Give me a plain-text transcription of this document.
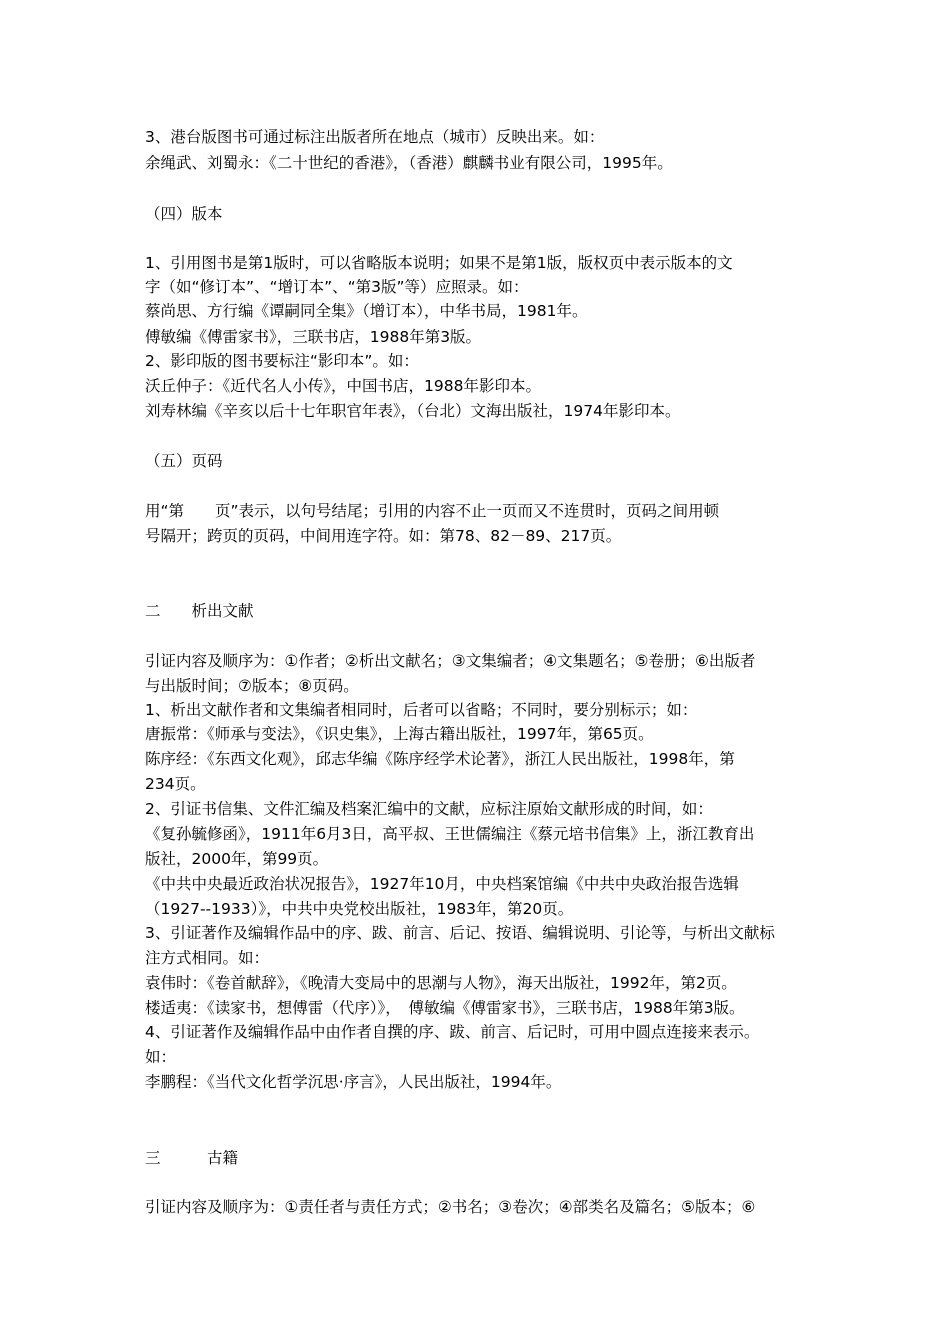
3、港台版图书可通过标注出版者所在地点（城市）反映出来。如：
余绳武、刘蜀永：《二十世纪的香港》，（香港）麒麟书业有限公司，1995年。
（四）版本
1、引用图书是第1版时，可以省略版本说明；如果不是第1版，版权页中表示版本的文
字（如“修订本”、“增订本”、“第3版”等）应照录。如：
蔡尚思、方行编《谭嗣同全集》（增订本），中华书局，1981年。
傅敏编《傅雷家书》，三联书店，1988年第3版。
2、影印版的图书要标注“影印本”。如：
沃丘仲子：《近代名人小传》，中国书店，1988年影印本。
刘寿林编《辛亥以后十七年职官年表》，（台北）文海出版社，1974年影印本。
（五）页码
用“第　　页”表示，以句号结尾；引用的内容不止一页而又不连贯时，页码之间用顿
号隔开；跨页的页码，中间用连字符。如：第78、82－89、217页。
二　　析出文献
引证内容及顺序为：①作者；②析出文献名；③文集编者；④文集题名；⑤卷册；⑥出版者
与出版时间；⑦版本；⑧页码。
1、析出文献作者和文集编者相同时，后者可以省略；不同时，要分别标示；如：
唐振常：《师承与变法》，《识史集》，上海古籍出版社，1997年，第65页。
陈序经：《东西文化观》，邱志华编《陈序经学术论著》，浙江人民出版社，1998年，第
234页。
2、引证书信集、文件汇编及档案汇编中的文献，应标注原始文献形成的时间，如：
《复孙毓修函》，1911年6月3日，高平叔、王世儒编注《蔡元培书信集》上，浙江教育出
版社，2000年，第99页。
《中共中央最近政治状况报告》，1927年10月，中央档案馆编《中共中央政治报告选辑
（1927--1933）》，中共中央党校出版社，1983年，第20页。
3、引证著作及编辑作品中的序、跋、前言、后记、按语、编辑说明、引论等，与析出文献标
注方式相同。如：
袁伟时：《卷首献辞》，《晚清大变局中的思潮与人物》，海天出版社，1992年，第2页。
楼适夷：《读家书，想傅雷（代序）》，　傅敏编《傅雷家书》，三联书店，1988年第3版。
4、引证著作及编辑作品中由作者自撰的序、跋、前言、后记时，可用中圆点连接来表示。
如：
李鹏程：《当代文化哲学沉思·序言》，人民出版社，1994年。
三　　　古籍
引证内容及顺序为：①责任者与责任方式；②书名；③卷次；④部类名及篇名；⑤版本；⑥
